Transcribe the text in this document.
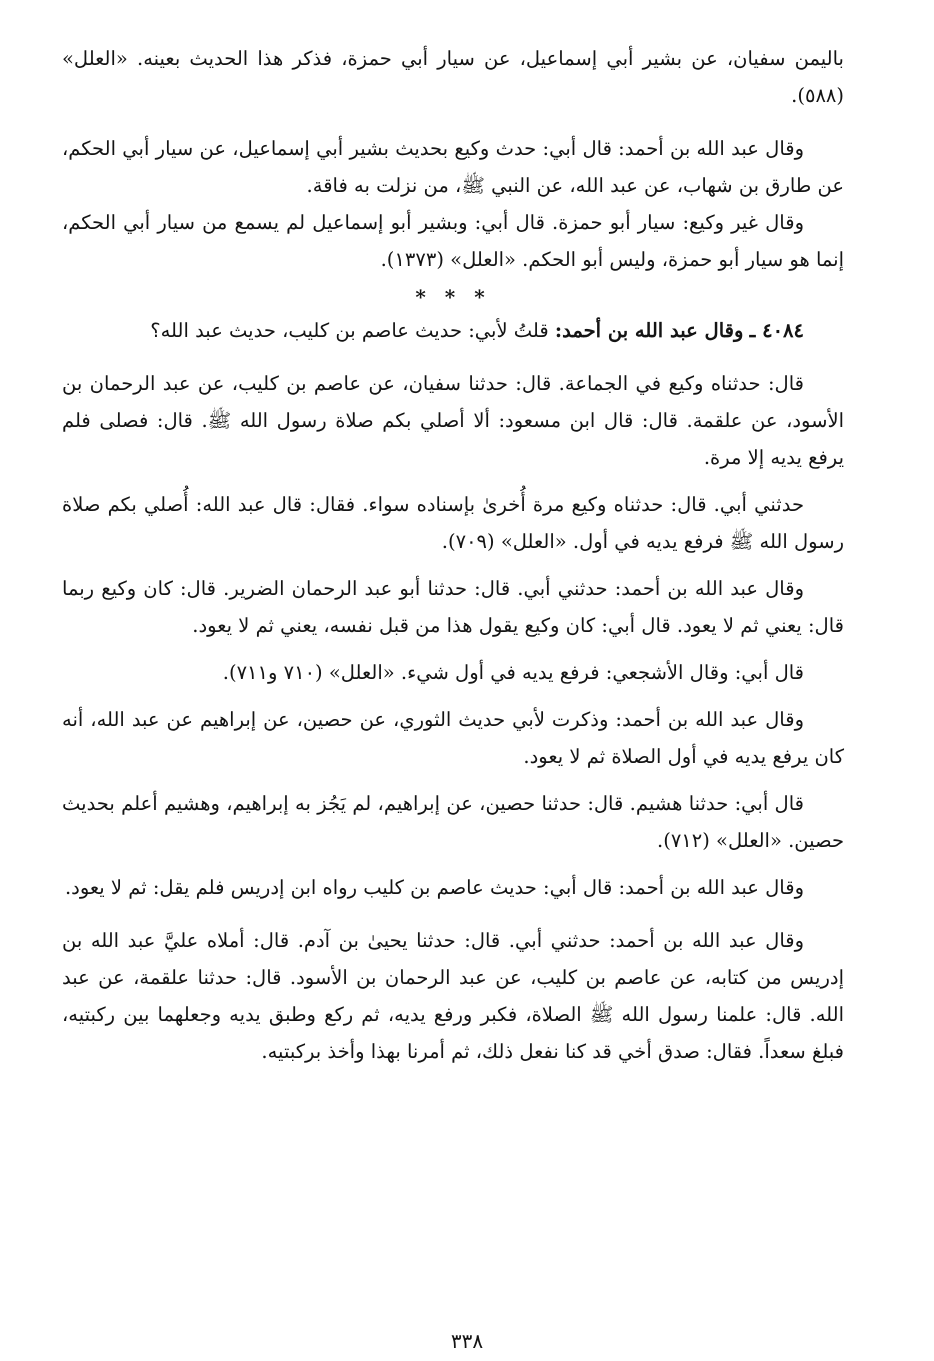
باليمن سفيان، عن بشير أبي إسماعيل، عن سيار أبي حمزة، فذكر هذا الحديث بعينه. «العلل» (٥٨٨).

وقال عبد الله بن أحمد: قال أبي: حدث وكيع بحديث بشير أبي إسماعيل، عن سيار أبي الحكم، عن طارق بن شهاب، عن عبد الله، عن النبي ﷺ، من نزلت به فاقة.

وقال غير وكيع: سيار أبو حمزة. قال أبي: وبشير أبو إسماعيل لم يسمع من سيار أبي الحكم، إنما هو سيار أبو حمزة، وليس أبو الحكم. «العلل» (١٣٧٣).

* * *

٤٠٨٤ ـ وقال عبد الله بن أحمد: قلتُ لأبي: حديث عاصم بن كليب، حديث عبد الله؟

قال: حدثناه وكيع في الجماعة. قال: حدثنا سفيان، عن عاصم بن كليب، عن عبد الرحمان بن الأسود، عن علقمة. قال: قال ابن مسعود: ألا أصلي بكم صلاة رسول الله ﷺ. قال: فصلى فلم يرفع يديه إلا مرة.

حدثني أبي. قال: حدثناه وكيع مرة أُخرىٰ بإسناده سواء. فقال: قال عبد الله: أُصلي بكم صلاة رسول الله ﷺ فرفع يديه في أول. «العلل» (٧٠٩).

وقال عبد الله بن أحمد: حدثني أبي. قال: حدثنا أبو عبد الرحمان الضرير. قال: كان وكيع ربما قال: يعني ثم لا يعود. قال أبي: كان وكيع يقول هذا من قبل نفسه، يعني ثم لا يعود.

قال أبي: وقال الأشجعي: فرفع يديه في أول شيء. «العلل» (٧١٠ و٧١١).

وقال عبد الله بن أحمد: وذكرت لأبي حديث الثوري، عن حصين، عن إبراهيم عن عبد الله، أنه كان يرفع يديه في أول الصلاة ثم لا يعود.

قال أبي: حدثنا هشيم. قال: حدثنا حصين، عن إبراهيم، لم يَجُز به إبراهيم، وهشيم أعلم بحديث حصين. «العلل» (٧١٢).

وقال عبد الله بن أحمد: قال أبي: حديث عاصم بن كليب رواه ابن إدريس فلم يقل: ثم لا يعود.

وقال عبد الله بن أحمد: حدثني أبي. قال: حدثنا يحيىٰ بن آدم. قال: أملاه عليَّ عبد الله بن إدريس من كتابه، عن عاصم بن كليب، عن عبد الرحمان بن الأسود. قال: حدثنا علقمة، عن عبد الله. قال: علمنا رسول الله ﷺ الصلاة، فكبر ورفع يديه، ثم ركع وطبق يديه وجعلهما بين ركبتيه، فبلغ سعداً. فقال: صدق أخي قد كنا نفعل ذلك، ثم أمرنا بهذا وأخذ بركبتيه.

٣٣٨
